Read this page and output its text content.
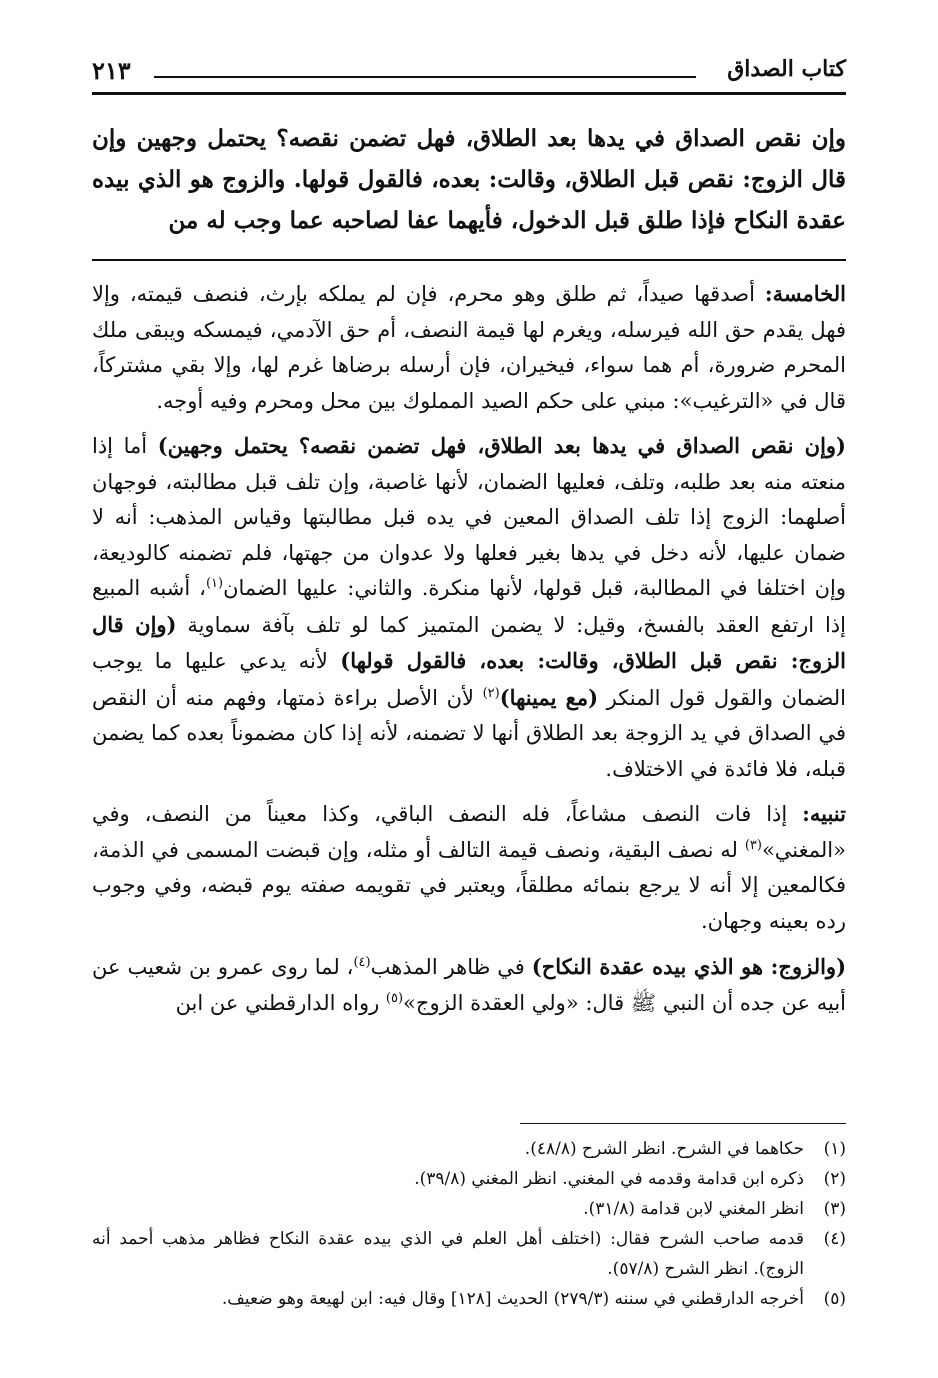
كتاب الصداق
٢١٣
وإن نقص الصداق في يدها بعد الطلاق، فهل تضمن نقصه؟ يحتمل وجهين وإن قال الزوج: نقص قبل الطلاق، وقالت: بعده، فالقول قولها. والزوج هو الذي بيده عقدة النكاح فإذا طلق قبل الدخول، فأيهما عفا لصاحبه عما وجب له من

الخامسة: أصدقها صيداً، ثم طلق وهو محرم، فإن لم يملكه بإرث، فنصف قيمته، وإلا فهل يقدم حق الله فيرسله، ويغرم لها قيمة النصف، أم حق الآدمي، فيمسكه ويبقى ملك المحرم ضرورة، أم هما سواء، فيخيران، فإن أرسله برضاها غرم لها، وإلا بقي مشتركاً، قال في «الترغيب»: مبني على حكم الصيد المملوك بين محل ومحرم وفيه أوجه.

(وإن نقص الصداق في يدها بعد الطلاق، فهل تضمن نقصه؟ يحتمل وجهين) أما إذا منعته منه بعد طلبه، وتلف، فعليها الضمان، لأنها غاصبة، وإن تلف قبل مطالبته، فوجهان أصلهما: الزوج إذا تلف الصداق المعين في يده قبل مطالبتها وقياس المذهب: أنه لا ضمان عليها، لأنه دخل في يدها بغير فعلها ولا عدوان من جهتها، فلم تضمنه كالوديعة، وإن اختلفا في المطالبة، قبل قولها، لأنها منكرة. والثاني: عليها الضمان$^{(١)}$، أشبه المبيع إذا ارتفع العقد بالفسخ، وقيل: لا يضمن المتميز كما لو تلف بآفة سماوية (وإن قال الزوج: نقص قبل الطلاق، وقالت: بعده، فالقول قولها) لأنه يدعي عليها ما يوجب الضمان والقول قول المنكر (مع يمينها)$^{(٢)}$ لأن الأصل براءة ذمتها، وفهم منه أن النقص في الصداق في يد الزوجة بعد الطلاق أنها لا تضمنه، لأنه إذا كان مضموناً بعده كما يضمن قبله، فلا فائدة في الاختلاف.

تنبيه: إذا فات النصف مشاعاً، فله النصف الباقي، وكذا معيناً من النصف، وفي «المغني»$^{(٣)}$ له نصف البقية، ونصف قيمة التالف أو مثله، وإن قبضت المسمى في الذمة، فكالمعين إلا أنه لا يرجع بنمائه مطلقاً، ويعتبر في تقويمه صفته يوم قبضه، وفي وجوب رده بعينه وجهان.

(والزوج: هو الذي بيده عقدة النكاح) في ظاهر المذهب$^{(٤)}$، لما روى عمرو بن شعيب عن أبيه عن جده أن النبي ﷺ قال: «ولي العقدة الزوج»$^{(٥)}$ رواه الدارقطني عن ابن

(١)
حكاهما في الشرح. انظر الشرح (٤٨/٨).
(٢)
ذكره ابن قدامة وقدمه في المغني. انظر المغني (٣٩/٨).
(٣)
انظر المغني لابن قدامة (٣١/٨).
(٤)
قدمه صاحب الشرح فقال: (اختلف أهل العلم في الذي بيده عقدة النكاح فظاهر مذهب أحمد أنه الزوج). انظر الشرح (٥٧/٨).
(٥)
أخرجه الدارقطني في سننه (٢٧٩/٣) الحديث [١٢٨] وقال فيه: ابن لهيعة وهو ضعيف.
